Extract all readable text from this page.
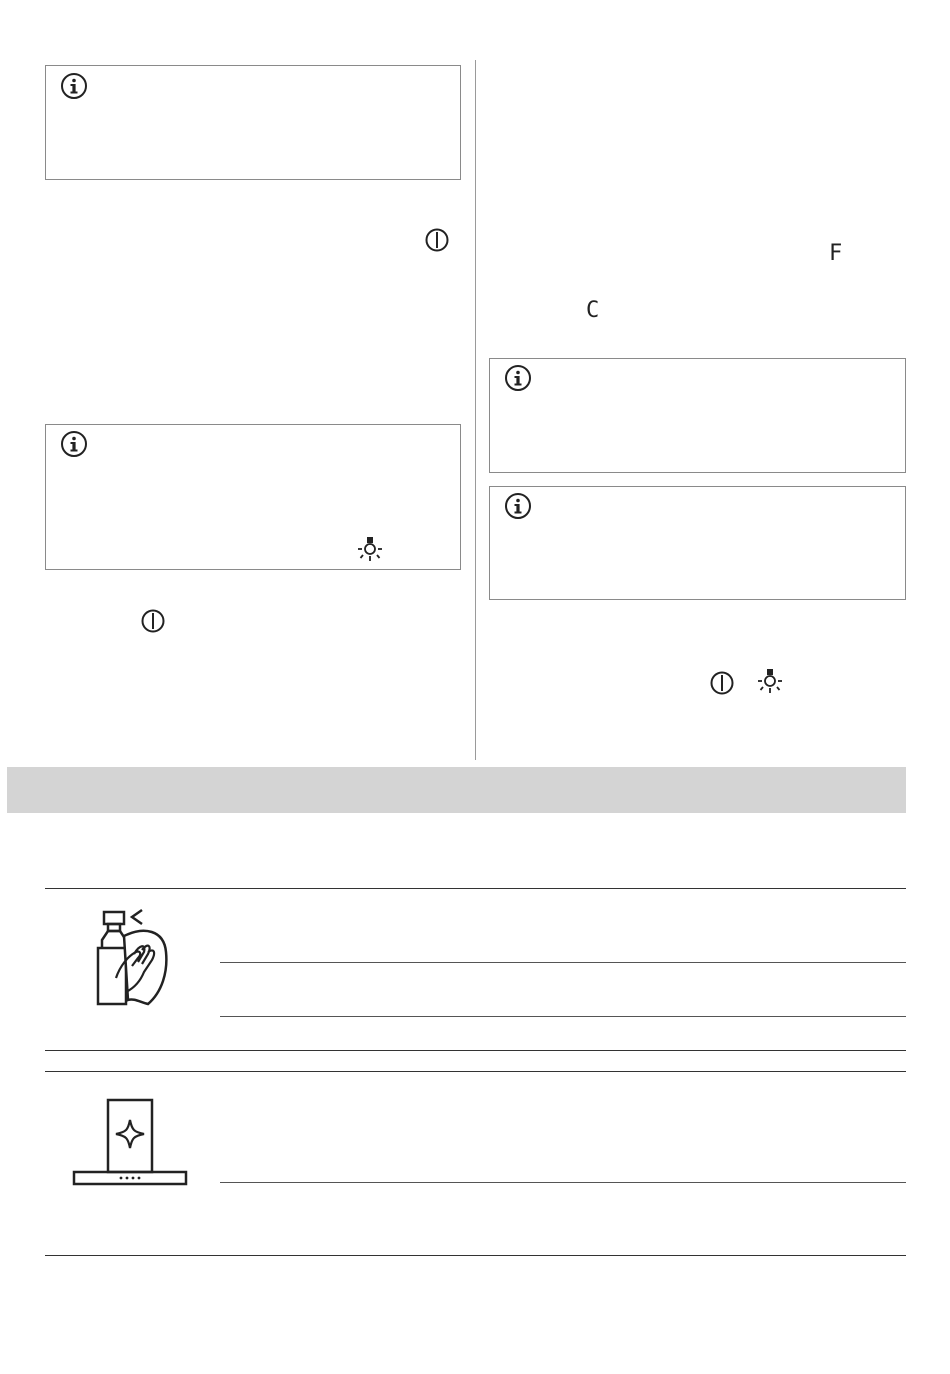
F
C
